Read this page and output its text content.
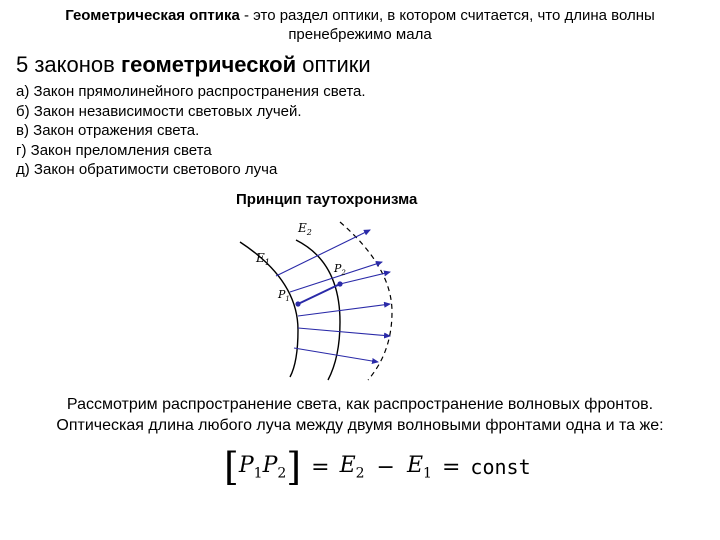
Геометрическая оптика - это раздел оптики, в котором считается, что длина волны пренебрежимо мала
5 законов геометрической оптики
а) Закон прямолинейного распространения света.
б) Закон независимости световых лучей.
в) Закон отражения света.
г) Закон преломления света
д) Закон обратимости светового луча
Принцип таутохронизма
$E_1$
$E_2$
$P_1$
$P_2$
Рассмотрим распространение света, как распространение волновых фронтов.
Оптическая длина любого луча между двумя волновыми фронтами одна и та же:
[ $P_1$ $P_2$ ] = $E_2 - E_1$ = const
